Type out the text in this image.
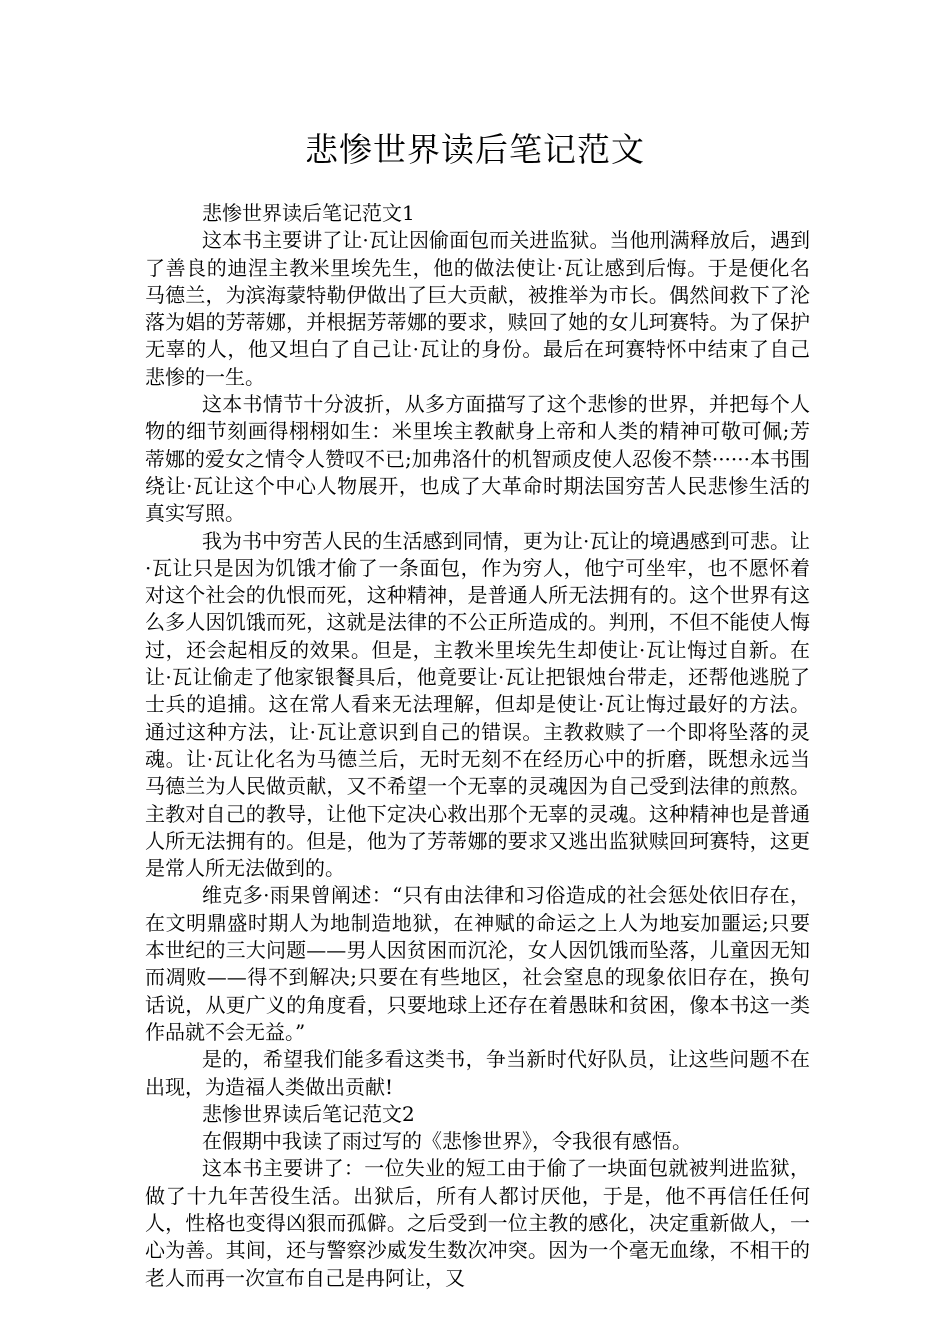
悲惨世界读后笔记范文

悲惨世界读后笔记范文1

这本书主要讲了让·瓦让因偷面包而关进监狱。当他刑满释放后，遇到了善良的迪涅主教米里埃先生，他的做法使让·瓦让感到后悔。于是便化名马德兰，为滨海蒙特勒伊做出了巨大贡献，被推举为市长。偶然间救下了沦落为娼的芳蒂娜，并根据芳蒂娜的要求，赎回了她的女儿珂赛特。为了保护无辜的人，他又坦白了自己让·瓦让的身份。最后在珂赛特怀中结束了自己悲惨的一生。

这本书情节十分波折，从多方面描写了这个悲惨的世界，并把每个人物的细节刻画得栩栩如生：米里埃主教献身上帝和人类的精神可敬可佩;芳蒂娜的爱女之情令人赞叹不已;加弗洛什的机智顽皮使人忍俊不禁······本书围绕让·瓦让这个中心人物展开，也成了大革命时期法国穷苦人民悲惨生活的真实写照。

我为书中穷苦人民的生活感到同情，更为让·瓦让的境遇感到可悲。让·瓦让只是因为饥饿才偷了一条面包，作为穷人，他宁可坐牢，也不愿怀着对这个社会的仇恨而死，这种精神，是普通人所无法拥有的。这个世界有这么多人因饥饿而死，这就是法律的不公正所造成的。判刑，不但不能使人悔过，还会起相反的效果。但是，主教米里埃先生却使让·瓦让悔过自新。在让·瓦让偷走了他家银餐具后，他竟要让·瓦让把银烛台带走，还帮他逃脱了士兵的追捕。这在常人看来无法理解，但却是使让·瓦让悔过最好的方法。通过这种方法，让·瓦让意识到自己的错误。主教救赎了一个即将坠落的灵魂。让·瓦让化名为马德兰后，无时无刻不在经历心中的折磨，既想永远当马德兰为人民做贡献，又不希望一个无辜的灵魂因为自己受到法律的煎熬。主教对自己的教导，让他下定决心救出那个无辜的灵魂。这种精神也是普通人所无法拥有的。但是，他为了芳蒂娜的要求又逃出监狱赎回珂赛特，这更是常人所无法做到的。

维克多·雨果曾阐述：“只有由法律和习俗造成的社会惩处依旧存在，在文明鼎盛时期人为地制造地狱，在神赋的命运之上人为地妄加噩运;只要本世纪的三大问题——男人因贫困而沉沦，女人因饥饿而坠落，儿童因无知而凋败——得不到解决;只要在有些地区，社会窒息的现象依旧存在，换句话说，从更广义的角度看，只要地球上还存在着愚昧和贫困，像本书这一类作品就不会无益。”

是的，希望我们能多看这类书，争当新时代好队员，让这些问题不在出现，为造福人类做出贡献!

悲惨世界读后笔记范文2

在假期中我读了雨过写的《悲惨世界》，令我很有感悟。

这本书主要讲了：一位失业的短工由于偷了一块面包就被判进监狱，做了十九年苦役生活。出狱后，所有人都讨厌他，于是，他不再信任任何人，性格也变得凶狠而孤僻。之后受到一位主教的感化，决定重新做人，一心为善。其间，还与警察沙威发生数次冲突。因为一个毫无血缘，不相干的老人而再一次宣布自己是冉阿让，又
